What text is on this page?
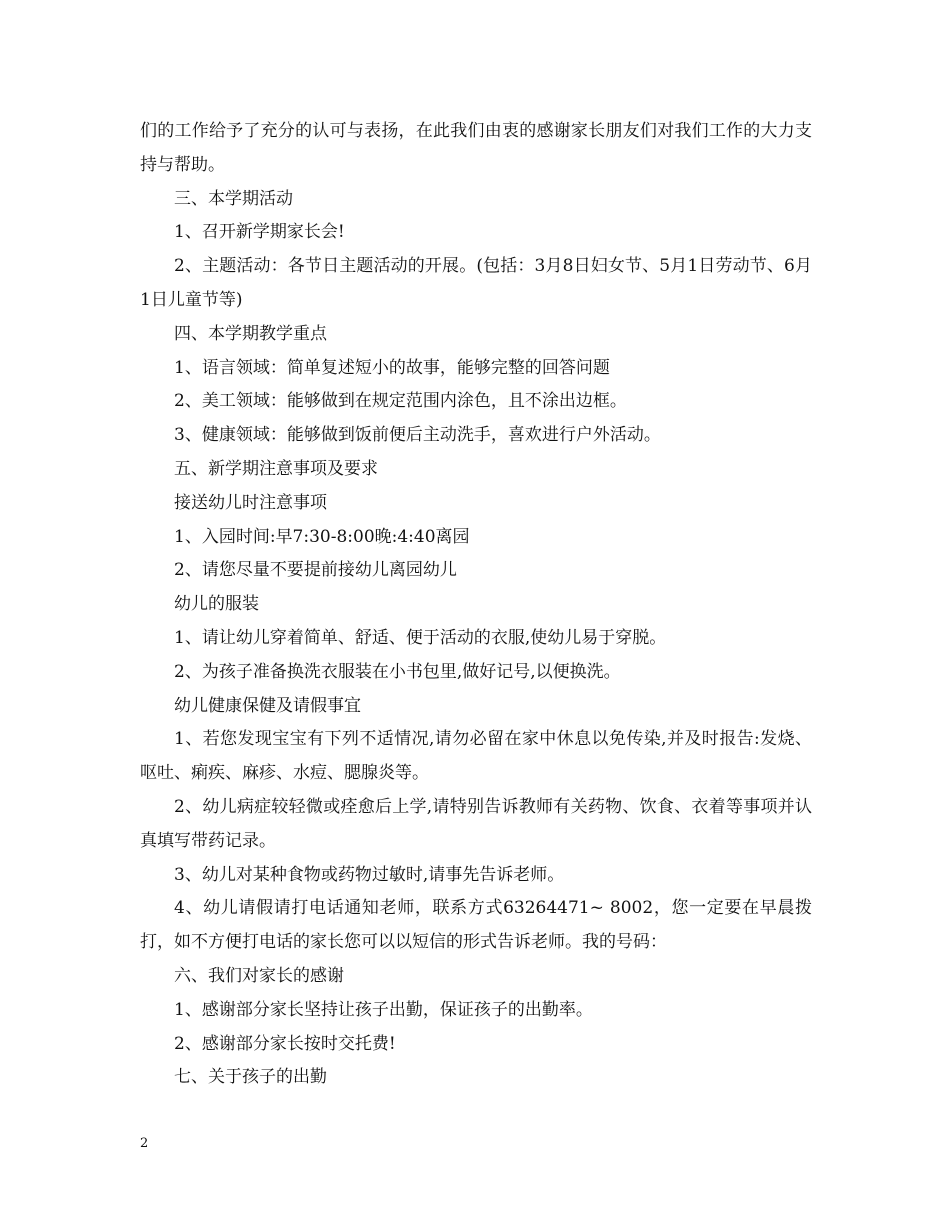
们的工作给予了充分的认可与表扬，在此我们由衷的感谢家长朋友们对我们工作的大力支持与帮助。

三、本学期活动

1、召开新学期家长会!

2、主题活动：各节日主题活动的开展。(包括：3月8日妇女节、5月1日劳动节、6月1日儿童节等)

四、本学期教学重点

1、语言领域：简单复述短小的故事，能够完整的回答问题

2、美工领域：能够做到在规定范围内涂色，且不涂出边框。

3、健康领域：能够做到饭前便后主动洗手，喜欢进行户外活动。

五、新学期注意事项及要求

接送幼儿时注意事项

1、入园时间:早7:30-8:00晚:4:40离园

2、请您尽量不要提前接幼儿离园幼儿

幼儿的服装

1、请让幼儿穿着简单、舒适、便于活动的衣服,使幼儿易于穿脱。

2、为孩子准备换洗衣服装在小书包里,做好记号,以便换洗。

幼儿健康保健及请假事宜

1、若您发现宝宝有下列不适情况,请勿必留在家中休息以免传染,并及时报告:发烧、呕吐、痢疾、麻疹、水痘、腮腺炎等。

2、幼儿病症较轻微或痊愈后上学,请特别告诉教师有关药物、饮食、衣着等事项并认真填写带药记录。

3、幼儿对某种食物或药物过敏时,请事先告诉老师。

4、幼儿请假请打电话通知老师，联系方式63264471~ 8002，您一定要在早晨拨打，如不方便打电话的家长您可以以短信的形式告诉老师。我的号码：

六、我们对家长的感谢

1、感谢部分家长坚持让孩子出勤，保证孩子的出勤率。

2、感谢部分家长按时交托费!

七、关于孩子的出勤

2
